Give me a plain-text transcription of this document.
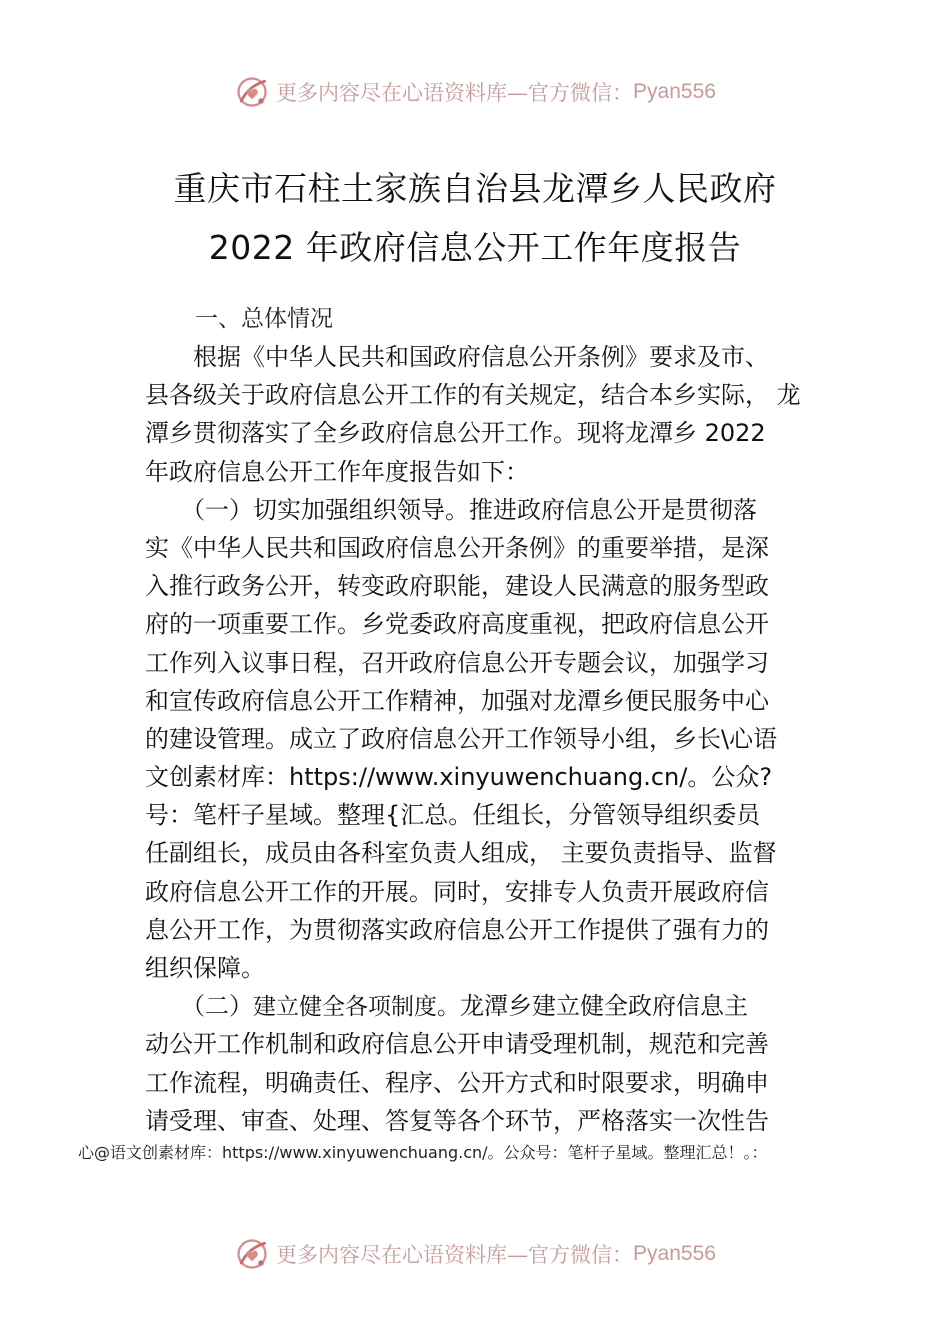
更多内容尽在心语资料库—官方微信： Pyan556
重庆市石柱土家族自治县龙潭乡人民政府
2022 年政府信息公开工作年度报告
一、总体情况
　　根据《中华人民共和国政府信息公开条例》要求及市、
县各级关于政府信息公开工作的有关规定，结合本乡实际， 龙
潭乡贯彻落实了全乡政府信息公开工作。现将龙潭乡 2022
年政府信息公开工作年度报告如下：
　　（一）切实加强组织领导。推进政府信息公开是贯彻落
实《中华人民共和国政府信息公开条例》的重要举措，是深
入推行政务公开，转变政府职能，建设人民满意的服务型政
府的一项重要工作。乡党委政府高度重视，把政府信息公开
工作列入议事日程，召开政府信息公开专题会议，加强学习
和宣传政府信息公开工作精神，加强对龙潭乡便民服务中心
的建设管理。成立了政府信息公开工作领导小组，乡长\心语
文创素材库：https://www.xinyuwenchuang.cn/。公众?
号：笔杆子星域。整理{汇总。任组长，分管领导组织委员
任副组长，成员由各科室负责人组成， 主要负责指导、监督
政府信息公开工作的开展。同时，安排专人负责开展政府信
息公开工作，为贯彻落实政府信息公开工作提供了强有力的
组织保障。
　　（二）建立健全各项制度。龙潭乡建立健全政府信息主
动公开工作机制和政府信息公开申请受理机制，规范和完善
工作流程，明确责任、程序、公开方式和时限要求，明确申
请受理、审查、处理、答复等各个环节，严格落实一次性告
心@语文创素材库：https://www.xinyuwenchuang.cn/。公众号：笔杆子星域。整理汇总！。：
更多内容尽在心语资料库—官方微信： Pyan556
